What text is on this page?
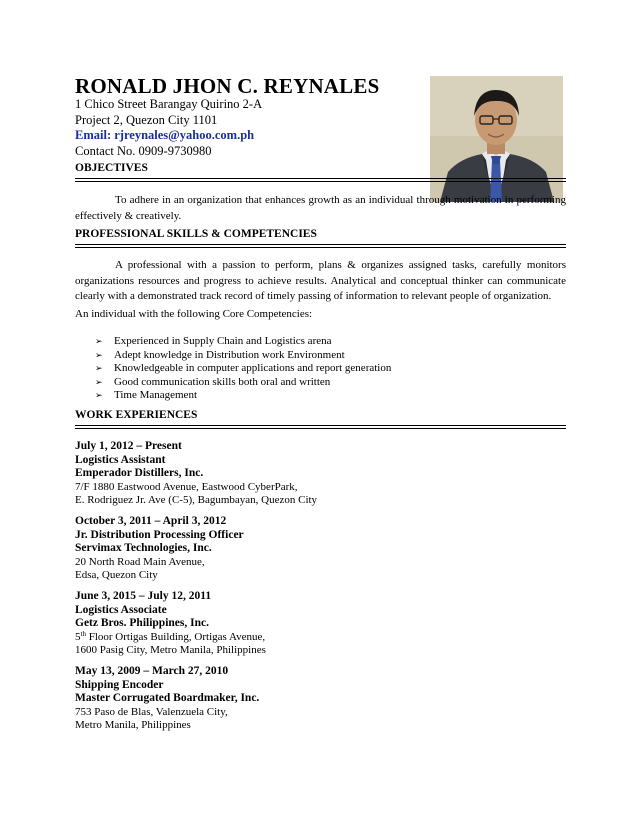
RONALD JHON C. REYNALES
1 Chico Street Barangay Quirino 2-A
Project 2, Quezon City 1101
Email: rjreynales@yahoo.com.ph
Contact No. 0909-9730980
OBJECTIVES
To adhere in an organization that enhances growth as an individual through motivation in performing effectively & creatively.
PROFESSIONAL SKILLS & COMPETENCIES
A professional with a passion to perform, plans & organizes assigned tasks, carefully monitors organizations resources and progress to achieve results. Analytical and conceptual thinker can communicate clearly with a demonstrated track record of timely passing of information to relevant people of organization.
An individual with the following Core Competencies:
➢ Experienced in Supply Chain and Logistics arena
➢ Adept knowledge in Distribution work Environment
➢ Knowledgeable in computer applications and report generation
➢ Good communication skills both oral and written
➢ Time Management
WORK EXPERIENCES
July 1, 2012 – Present
Logistics Assistant
Emperador Distillers, Inc.
7/F 1880 Eastwood Avenue, Eastwood CyberPark,
E. Rodriguez Jr. Ave (C-5), Bagumbayan, Quezon City
October 3, 2011 – April 3, 2012
Jr. Distribution Processing Officer
Servimax Technologies, Inc.
20 North Road Main Avenue,
Edsa, Quezon City
June 3, 2015 – July 12, 2011
Logistics Associate
Getz Bros. Philippines, Inc.
5th Floor Ortigas Building, Ortigas Avenue,
1600 Pasig City, Metro Manila, Philippines
May 13, 2009 – March 27, 2010
Shipping Encoder
Master Corrugated Boardmaker, Inc.
753 Paso de Blas, Valenzuela City,
Metro Manila, Philippines
